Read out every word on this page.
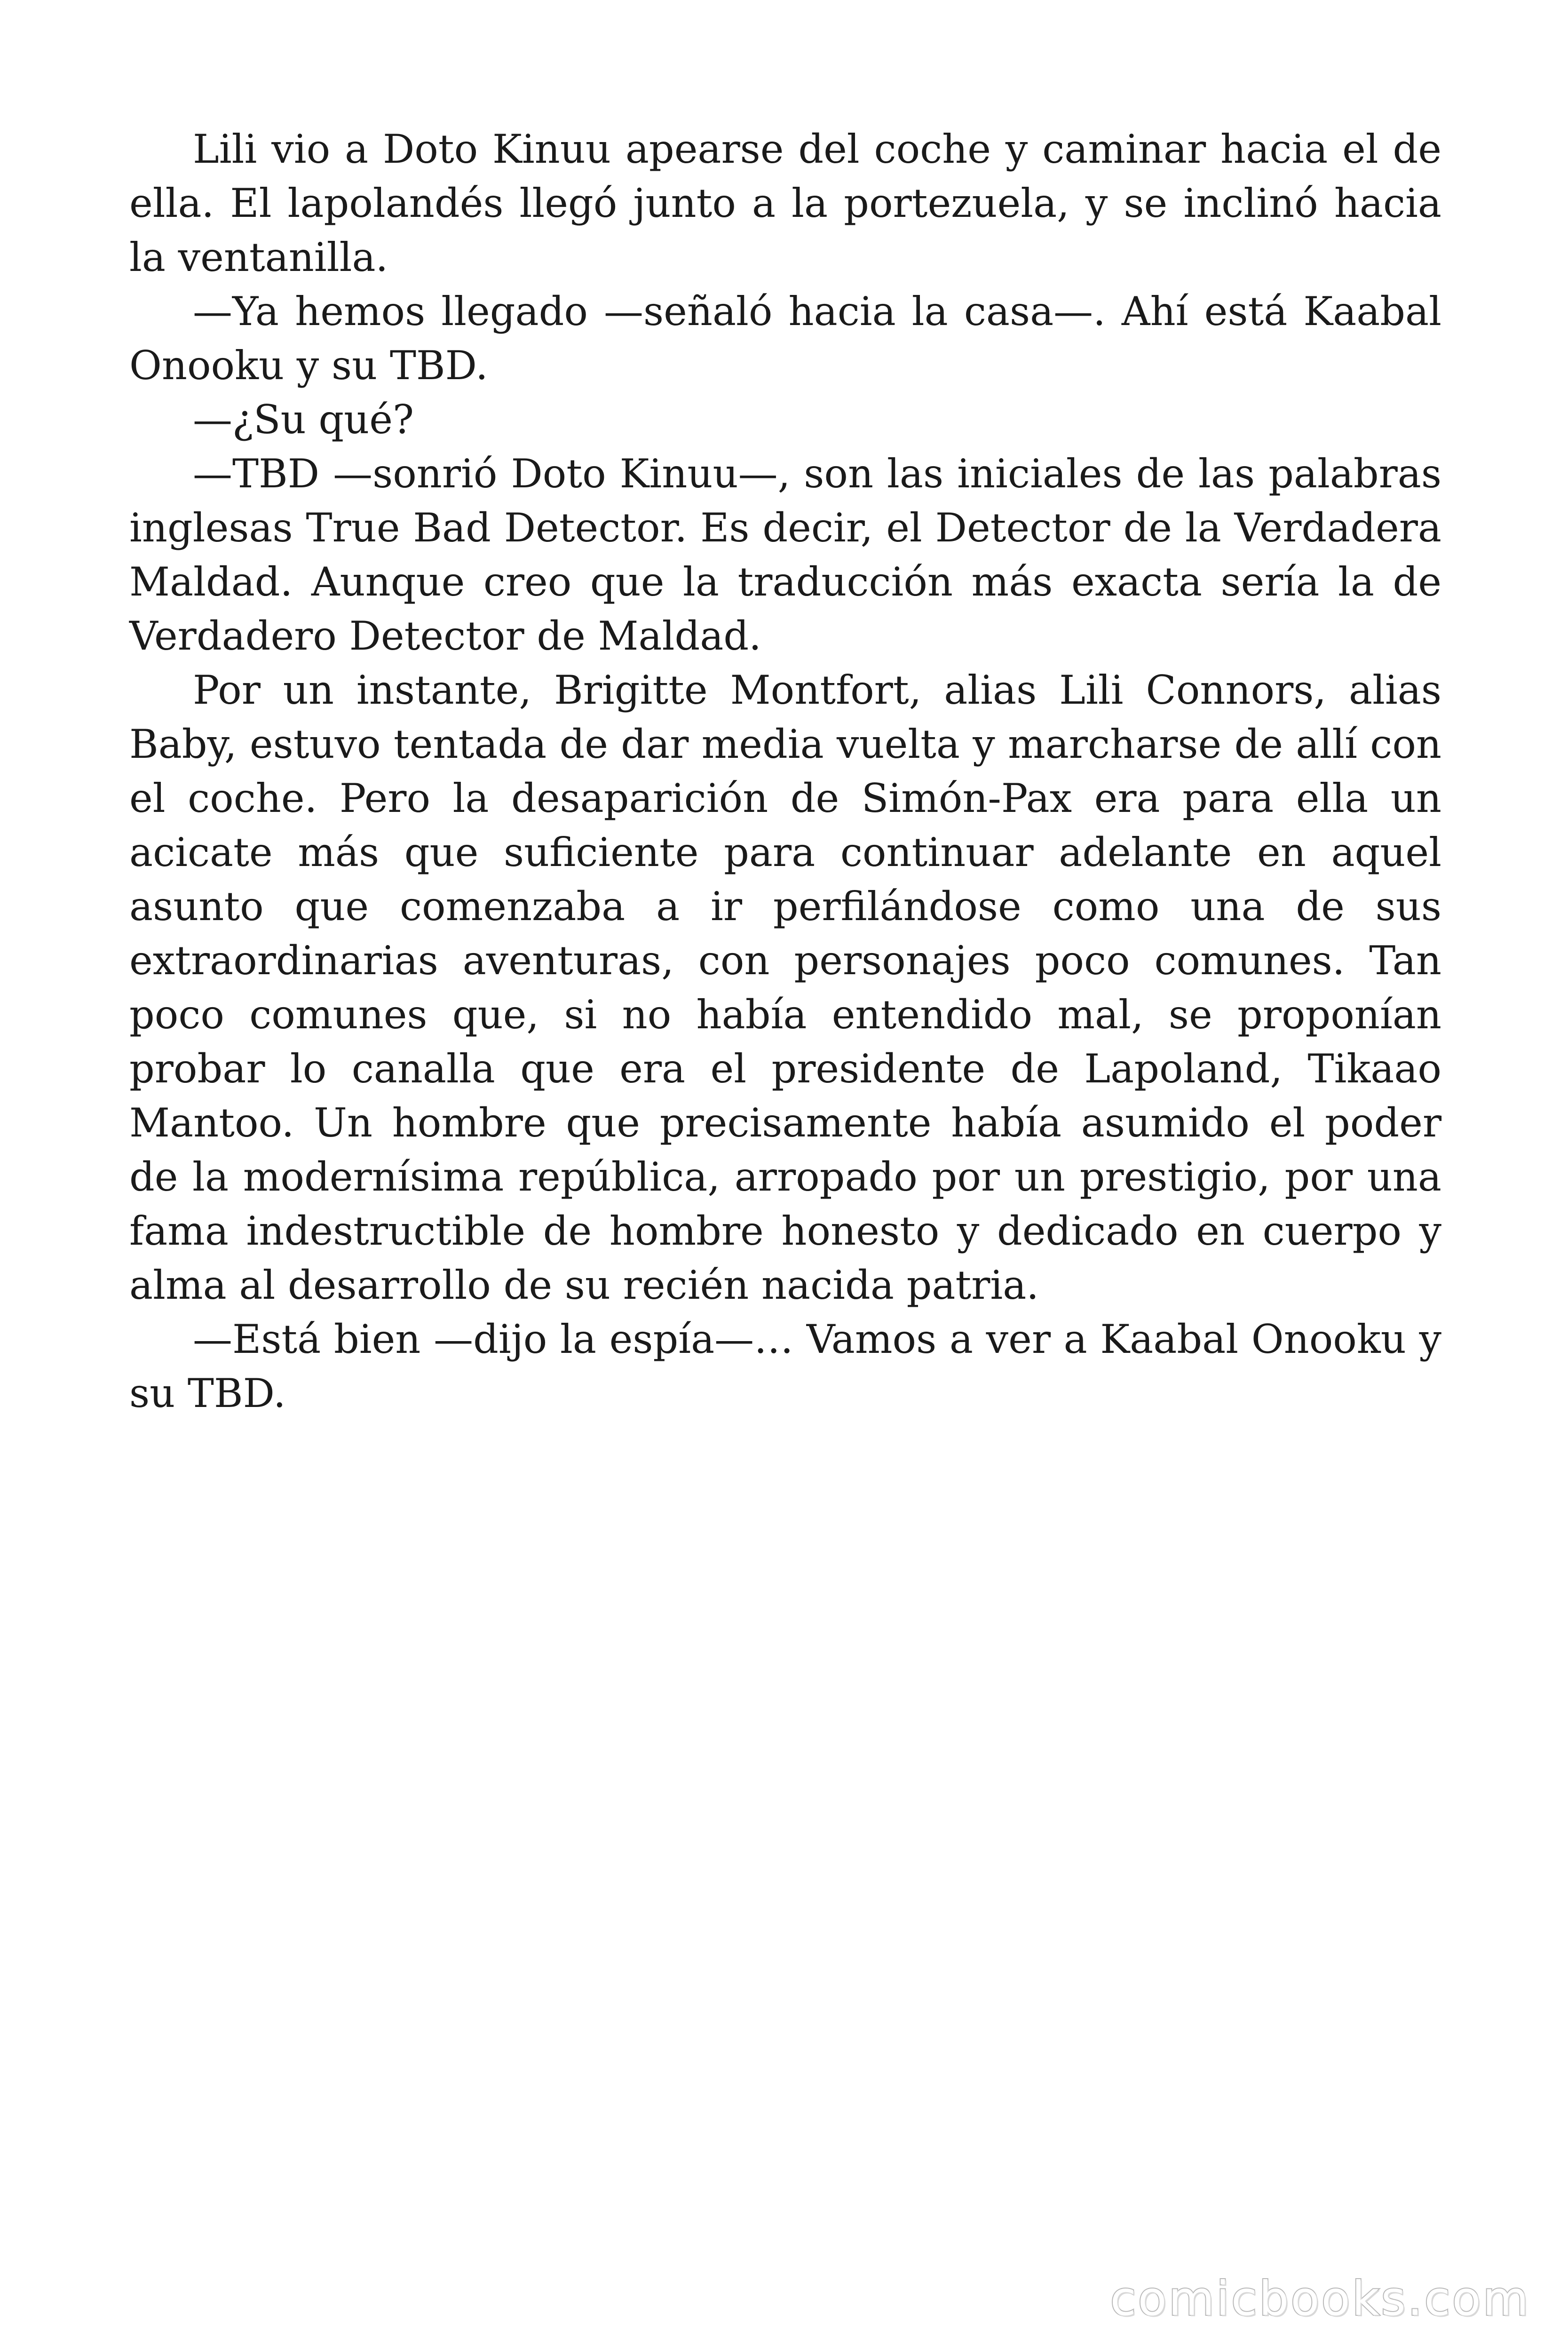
Lili vio a Doto Kinuu apearse del coche y caminar hacia el de ella. El lapolandés llegó junto a la portezuela, y se inclinó hacia la ventanilla.

—Ya hemos llegado —señaló hacia la casa—. Ahí está Kaabal Onooku y su TBD.

—¿Su qué?

—TBD —sonrió Doto Kinuu—, son las iniciales de las palabras inglesas True Bad Detector. Es decir, el Detector de la Verdadera Maldad. Aunque creo que la traducción más exacta sería la de Verdadero Detector de Maldad.

Por un instante, Brigitte Montfort, alias Lili Connors, alias Baby, estuvo tentada de dar media vuelta y marcharse de allí con el coche. Pero la desaparición de Simón-Pax era para ella un acicate más que suficiente para continuar adelante en aquel asunto que comenzaba a ir perfilándose como una de sus extraordinarias aventuras, con personajes poco comunes. Tan poco comunes que, si no había entendido mal, se proponían probar lo canalla que era el presidente de Lapoland, Tikaao Mantoo. Un hombre que precisamente había asumido el poder de la modernísima república, arropado por un prestigio, por una fama indestructible de hombre honesto y dedicado en cuerpo y alma al desarrollo de su recién nacida patria.

—Está bien —dijo la espía—… Vamos a ver a Kaabal Onooku y su TBD.

comicbooks.com
